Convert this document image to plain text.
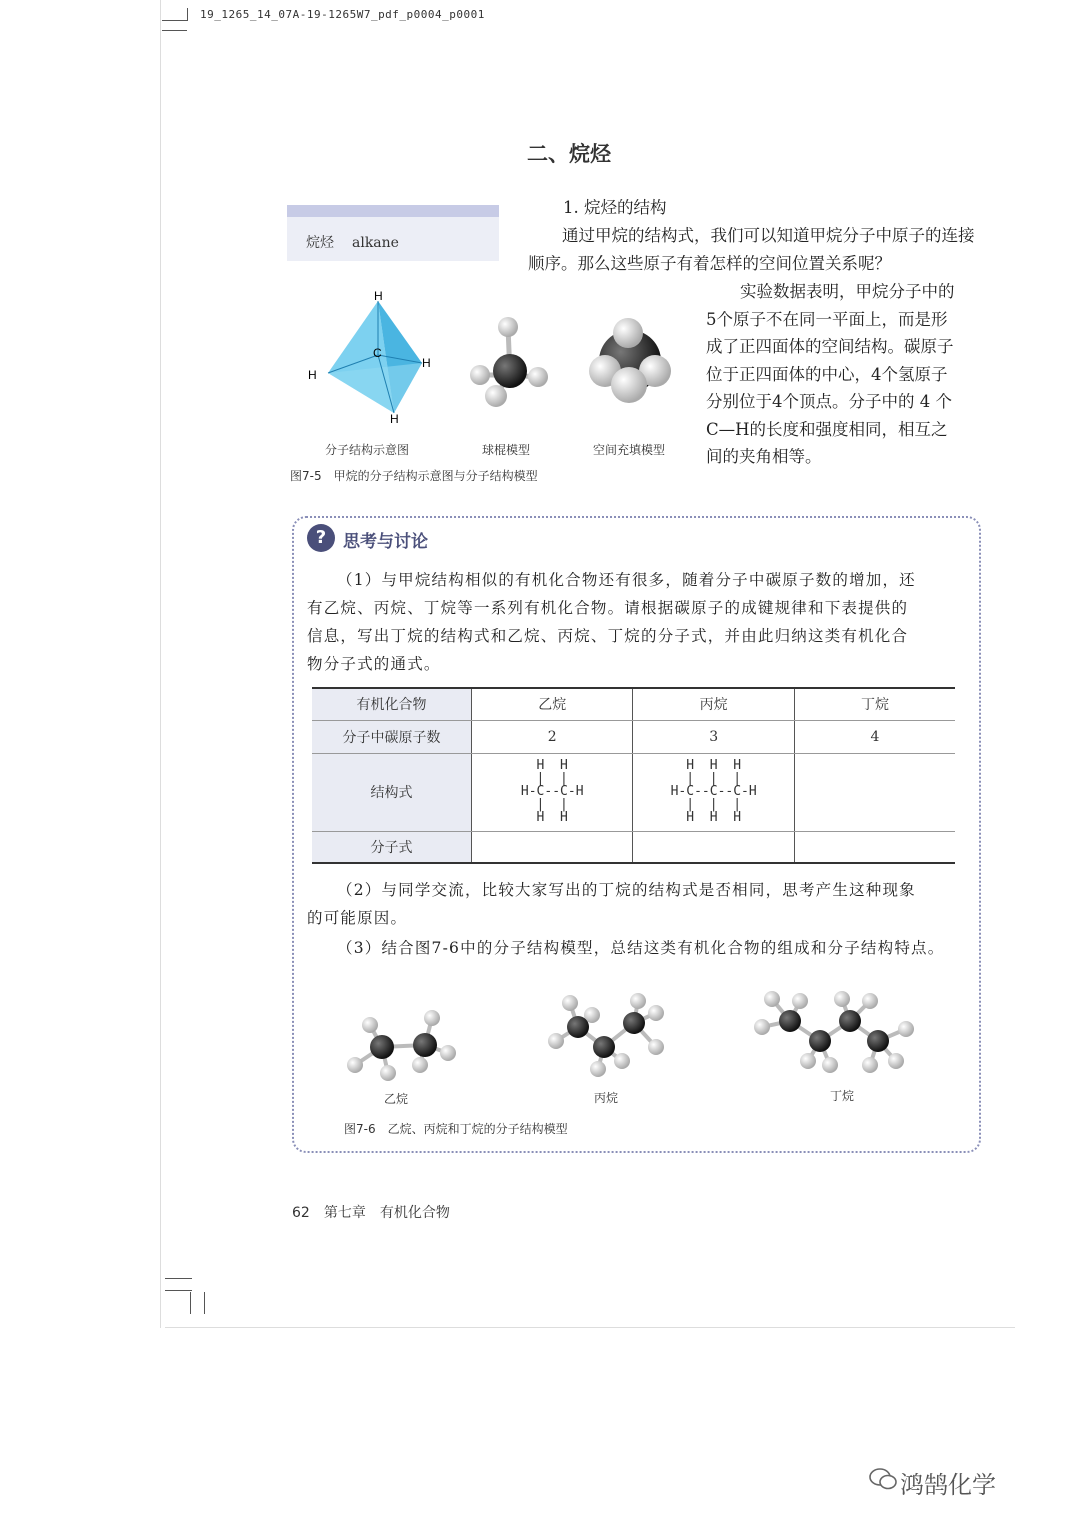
19_1265_14_07A-19-1265W7_pdf_p0004_p0001
二、烷烃
烷烃 alkane
1. 烷烃的结构
通过甲烷的结构式，我们可以知道甲烷分子中原子的连接顺序。那么这些原子有着怎样的空间位置关系呢？
实验数据表明，甲烷分子中的
5个原子不在同一平面上，而是形
成了正四面体的空间结构。碳原子
位于正四面体的中心，4个氢原子
分别位于4个顶点。分子中的 4 个
C—H的长度和强度相同，相互之
间的夹角相等。
C
H
H
H
H
分子结构示意图	球棍模型	空间充填模型
图7-5　甲烷的分子结构示意图与分子结构模型
? 思考与讨论
（1）与甲烷结构相似的有机化合物还有很多，随着分子中碳原子数的增加，还
有乙烷、丙烷、丁烷等一系列有机化合物。请根据碳原子的成键规律和下表提供的
信息，写出丁烷的结构式和乙烷、丙烷、丁烷的分子式，并由此归纳这类有机化合
物分子式的通式。
有机化合物	乙烷	丙烷	丁烷
分子中碳原子数	2	3	4
结构式	H  H
|  |
H-C--C-H
|  |
H  H	H  H  H
|  |  |
H-C--C--C-H
|  |  |
H  H  H	
分子式			
（2）与同学交流，比较大家写出的丁烷的结构式是否相同，思考产生这种现象
的可能原因。
（3）结合图7-6中的分子结构模型，总结这类有机化合物的组成和分子结构特点。
乙烷	丙烷	丁烷
图7-6　乙烷、丙烷和丁烷的分子结构模型
62 第七章　有机化合物
鸿鹄化学
